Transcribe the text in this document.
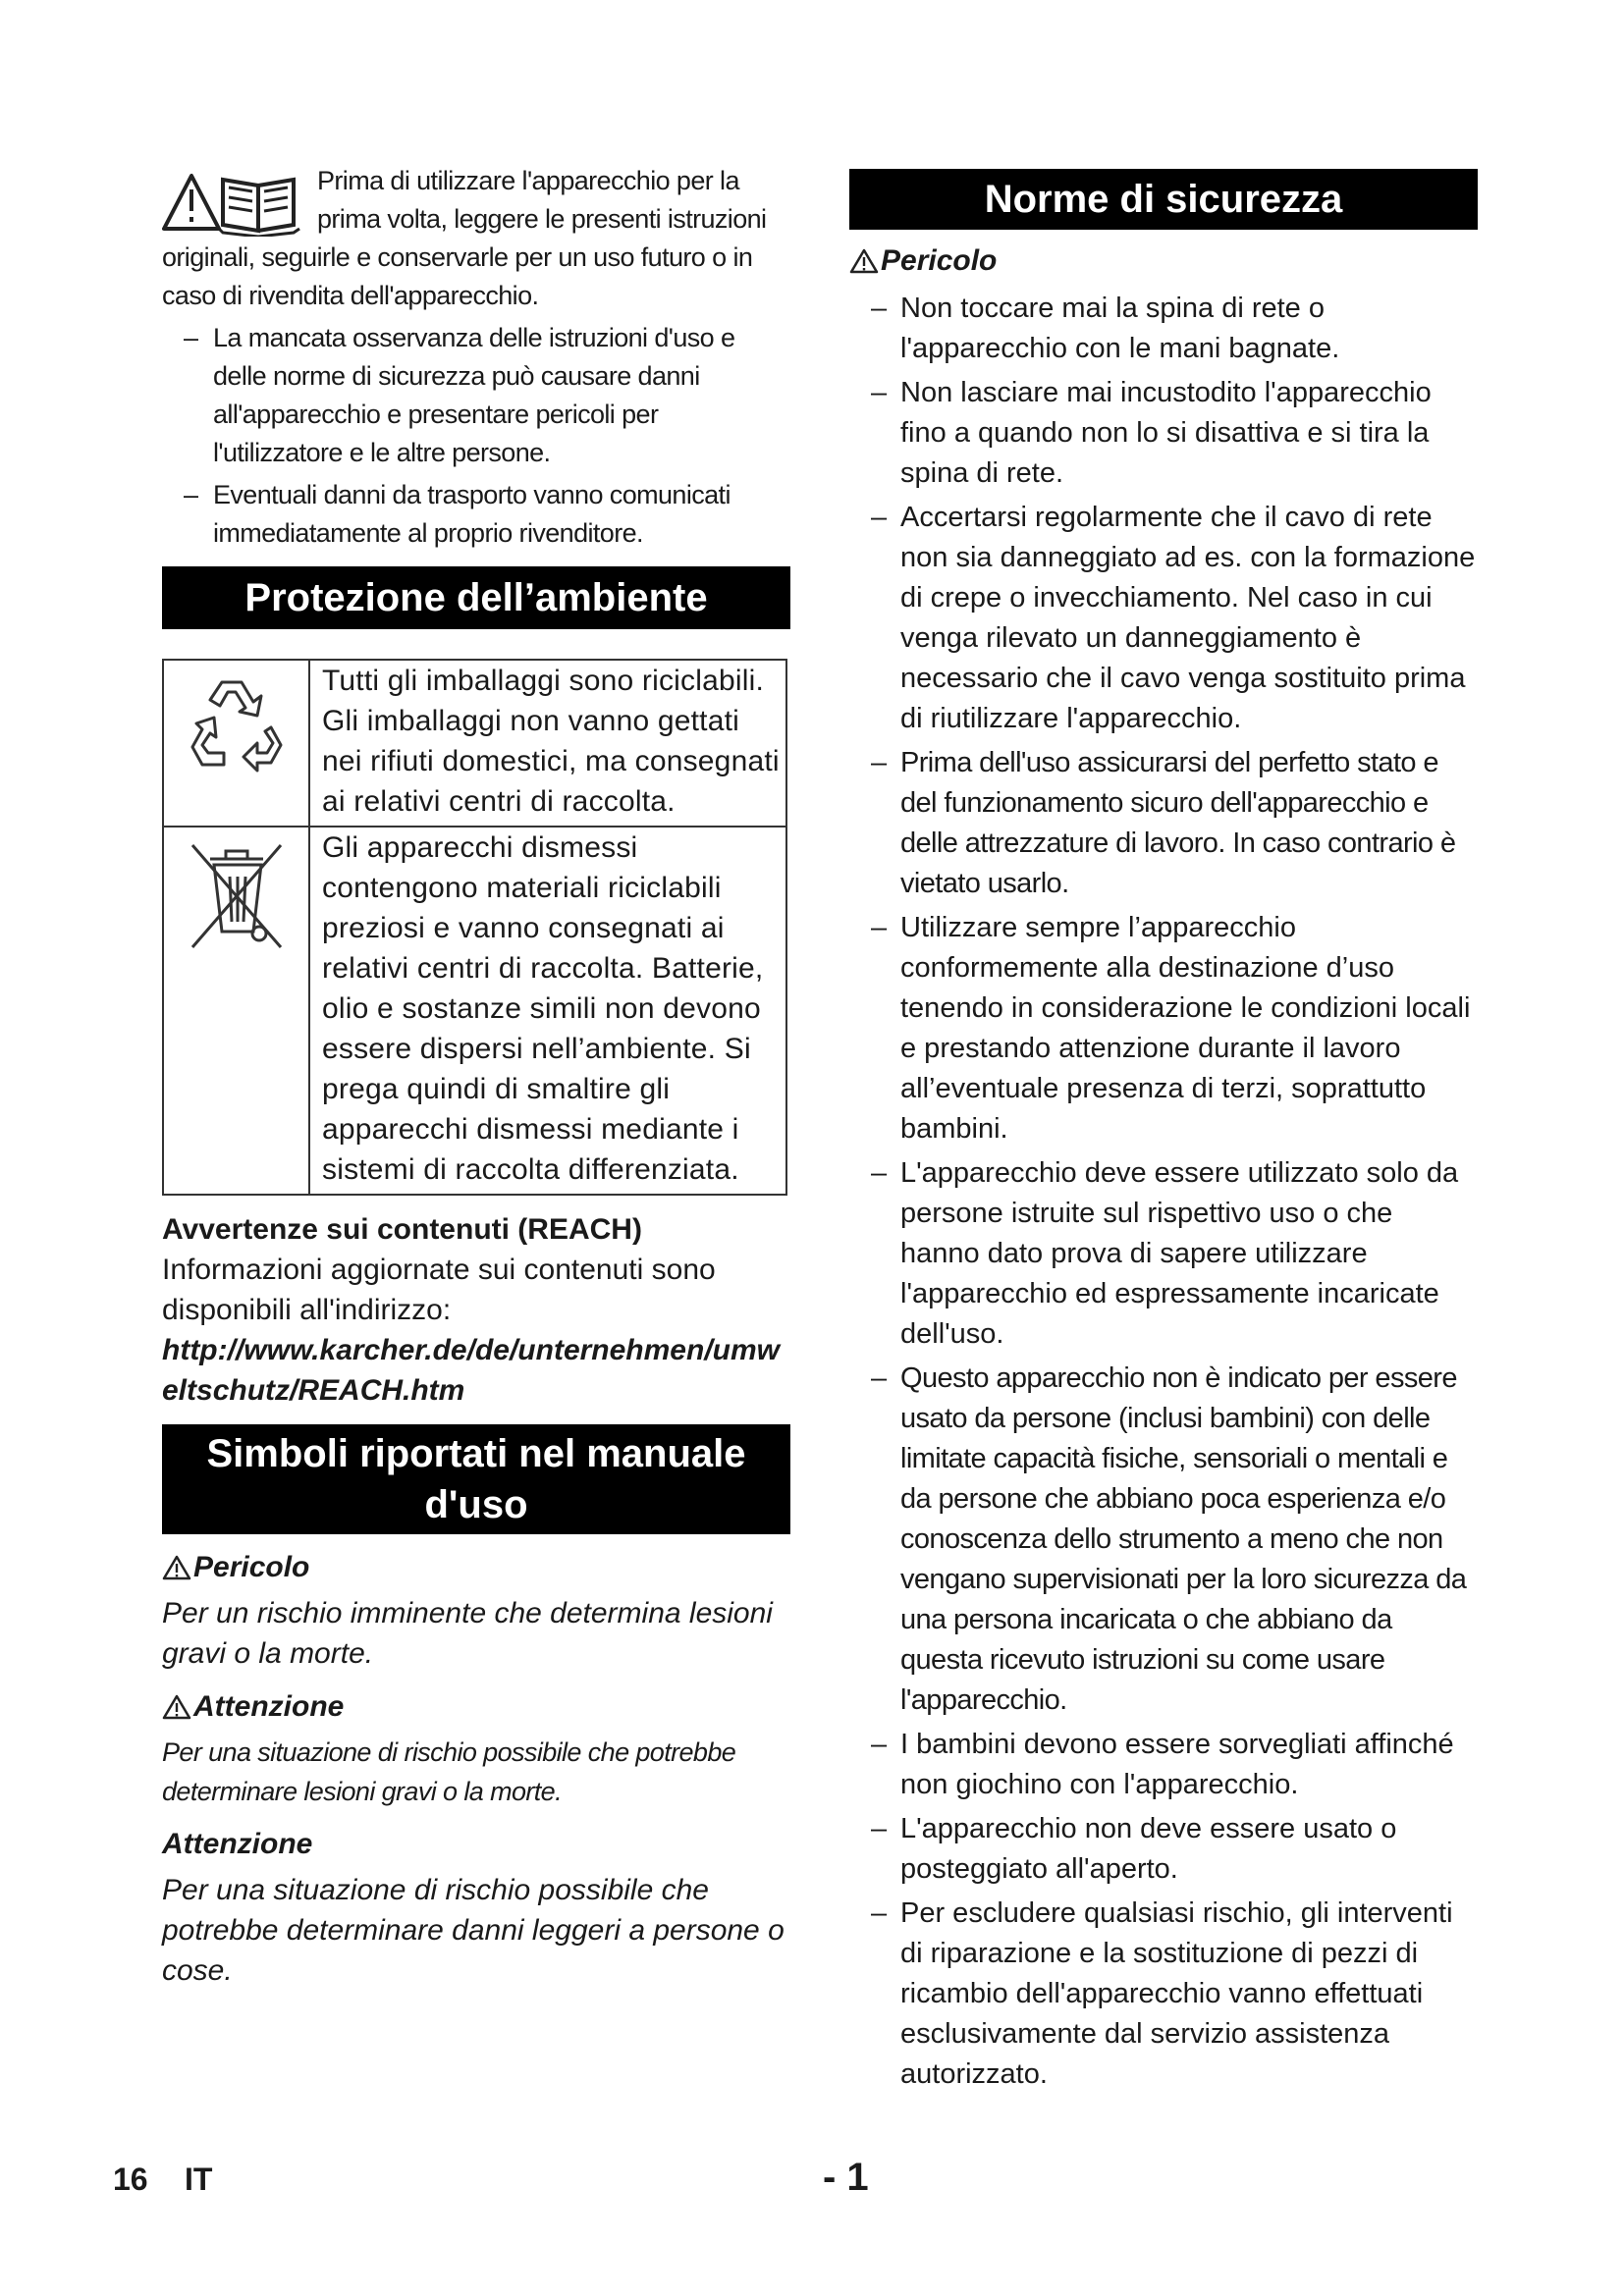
Prima di utilizzare l'apparecchio per la prima volta, leggere le presenti istruzioni originali, seguirle e conservarle per un uso futuro o in caso di rivendita dell'apparecchio.
– La mancata osservanza delle istruzioni d'uso e delle norme di sicurezza può causare danni all'apparecchio e presentare pericoli per l'utilizzatore e le altre persone.
– Eventuali danni da trasporto vanno comunicati immediatamente al proprio rivenditore.
Protezione dell’ambiente
	Tutti gli imballaggi sono riciclabili. Gli imballaggi non vanno gettati nei rifiuti domestici, ma consegnati ai relativi centri di raccolta.
	Gli apparecchi dismessi contengono materiali riciclabili preziosi e vanno consegnati ai relativi centri di raccolta. Batterie, olio e sostanze simili non devono essere dispersi nell’ambiente. Si prega quindi di smaltire gli apparecchi dismessi mediante i sistemi di raccolta differenziata.
Avvertenze sui contenuti (REACH)
Informazioni aggiornate sui contenuti sono disponibili all'indirizzo:
http://www.karcher.de/de/unternehmen/umweltschutz/REACH.htm
Simboli riportati nel manuale d'uso
Pericolo
Per un rischio imminente che determina lesioni gravi o la morte.
Attenzione
Per una situazione di rischio possibile che potrebbe determinare lesioni gravi o la morte.
Attenzione
Per una situazione di rischio possibile che potrebbe determinare danni leggeri a persone o cose.
Norme di sicurezza
Pericolo
– Non toccare mai la spina di rete o l'apparecchio con le mani bagnate.
– Non lasciare mai incustodito l'apparecchio fino a quando non lo si disattiva e si tira la spina di rete.
– Accertarsi regolarmente che il cavo di rete non sia danneggiato ad es. con la formazione di crepe o invecchiamento. Nel caso in cui venga rilevato un danneggiamento è necessario che il cavo venga sostituito prima di riutilizzare l'apparecchio.
– Prima dell'uso assicurarsi del perfetto stato e del funzionamento sicuro dell'apparecchio e delle attrezzature di lavoro. In caso contrario è vietato usarlo.
– Utilizzare sempre l’apparecchio conformemente alla destinazione d’uso tenendo in considerazione le condizioni locali e prestando attenzione durante il lavoro all’eventuale presenza di terzi, soprattutto bambini.
– L'apparecchio deve essere utilizzato solo da persone istruite sul rispettivo uso o che hanno dato prova di sapere utilizzare l'apparecchio ed espressamente incaricate dell'uso.
– Questo apparecchio non è indicato per essere usato da persone (inclusi bambini) con delle limitate capacità fisiche, sensoriali o mentali e da persone che abbiano poca esperienza e/o conoscenza dello strumento a meno che non vengano supervisionati per la loro sicurezza da una persona incaricata o che abbiano da questa ricevuto istruzioni su come usare l'apparecchio.
– I bambini devono essere sorvegliati affinché non giochino con l'apparecchio.
– L'apparecchio non deve essere usato o posteggiato all'aperto.
– Per escludere qualsiasi rischio, gli interventi di riparazione e la sostituzione di pezzi di ricambio dell'apparecchio vanno effettuati esclusivamente dal servizio assistenza autorizzato.
16 IT	- 1
